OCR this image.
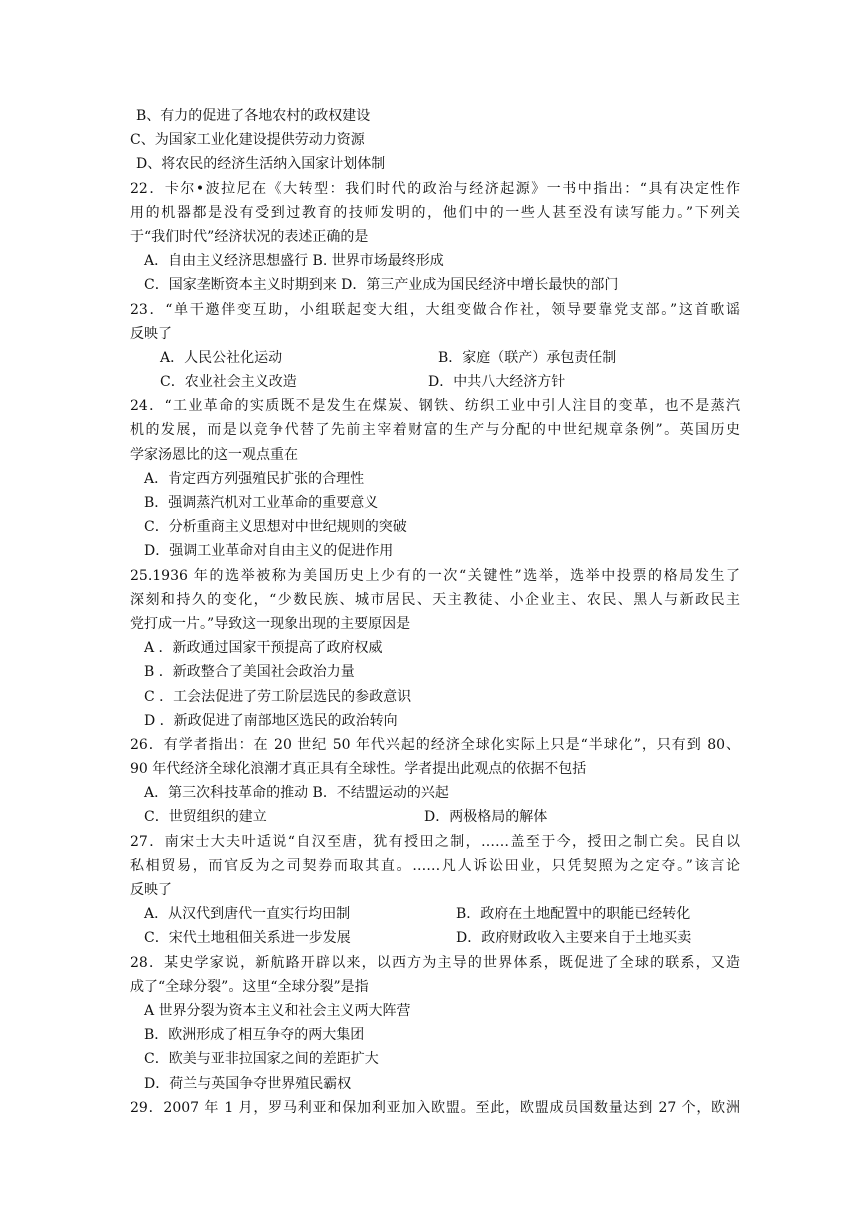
B、有力的促进了各地农村的政权建设
C、为国家工业化建设提供劳动力资源
D、将农民的经济生活纳入国家计划体制
22．卡尔•波拉尼在《大转型：我们时代的政治与经济起源》一书中指出：“具有决定性作
用的机器都是没有受到过教育的技师发明的，他们中的一些人甚至没有读写能力。”下列关
于“我们时代”经济状况的表述正确的是
A．自由主义经济思想盛行 B. 世界市场最终形成
C．国家垄断资本主义时期到来 D．第三产业成为国民经济中增长最快的部门
23．“单干邀伴变互助，小组联起变大组，大组变做合作社，领导要靠党支部。”这首歌谣
反映了
A．人民公社化运动	B．家庭（联产）承包责任制
C．农业社会主义改造	D．中共八大经济方针
24．“工业革命的实质既不是发生在煤炭、钢铁、纺织工业中引人注目的变革，也不是蒸汽
机的发展，而是以竞争代替了先前主宰着财富的生产与分配的中世纪规章条例”。英国历史
学家汤恩比的这一观点重在
A．肯定西方列强殖民扩张的合理性
B．强调蒸汽机对工业革命的重要意义
C．分析重商主义思想对中世纪规则的突破
D．强调工业革命对自由主义的促进作用
25.1936 年的选举被称为美国历史上少有的一次“关键性”选举，选举中投票的格局发生了
深刻和持久的变化，“少数民族、城市居民、天主教徒、小企业主、农民、黑人与新政民主
党打成一片。”导致这一现象出现的主要原因是
A ．新政通过国家干预提高了政府权威
B ．新政整合了美国社会政治力量
C ．工会法促进了劳工阶层选民的参政意识
D ．新政促进了南部地区选民的政治转向
26．有学者指出：在 20 世纪 50 年代兴起的经济全球化实际上只是“半球化”，只有到 80、
90 年代经济全球化浪潮才真正具有全球性。学者提出此观点的依据不包括
A．第三次科技革命的推动 B．不结盟运动的兴起
C．世贸组织的建立	D．两极格局的解体
27．南宋士大夫叶适说“自汉至唐，犹有授田之制，……盖至于今，授田之制亡矣。民自以
私相贸易，而官反为之司契券而取其直。……凡人诉讼田业，只凭契照为之定夺。”该言论
反映了
A．从汉代到唐代一直实行均田制	B．政府在土地配置中的职能已经转化
C．宋代土地租佃关系进一步发展	D．政府财政收入主要来自于土地买卖
28．某史学家说，新航路开辟以来，以西方为主导的世界体系，既促进了全球的联系，又造
成了“全球分裂”。这里“全球分裂”是指
A 世界分裂为资本主义和社会主义两大阵营
B．欧洲形成了相互争夺的两大集团
C．欧美与亚非拉国家之间的差距扩大
D．荷兰与英国争夺世界殖民霸权
29．2007 年 1 月，罗马利亚和保加利亚加入欧盟。至此，欧盟成员国数量达到 27 个，欧洲
